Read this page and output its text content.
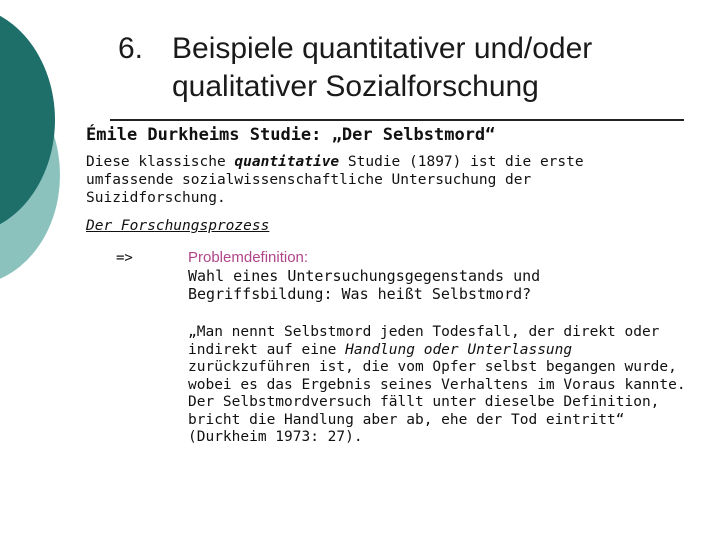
6. Beispiele quantitativer und/oder
qualitativer Sozialforschung
Émile Durkheims Studie: „Der Selbstmord“
Diese klassische quantitative Studie (1897) ist die erste umfassende sozialwissenschaftliche Untersuchung der Suizidforschung.
Der Forschungsprozess
=>	Problemdefinition:
Wahl eines Untersuchungsgegenstands und Begriffsbildung: Was heißt Selbstmord?
„Man nennt Selbstmord jeden Todesfall, der direkt oder indirekt auf eine Handlung oder Unterlassung zurückzuführen ist, die vom Opfer selbst begangen wurde, wobei es das Ergebnis seines Verhaltens im Voraus kannte. Der Selbstmordversuch fällt unter dieselbe Definition, bricht die Handlung aber ab, ehe der Tod eintritt“ (Durkheim 1973: 27).
